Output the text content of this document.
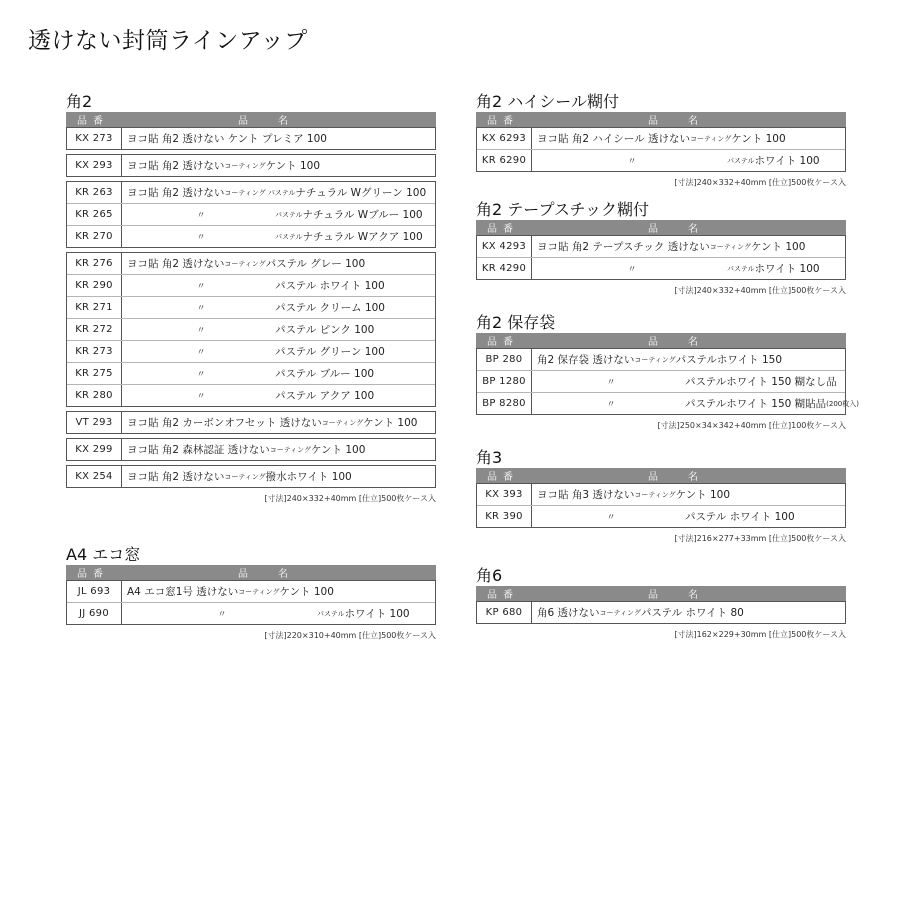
透けない封筒ラインアップ
角2
品番	品名
KX 273	ヨコ貼 角2 透けない ケント プレミア 100
KX 293	ヨコ貼 角2 透けない コーティング ケント 100
KR 263	ヨコ貼 角2 透けない コーティング パステル ナチュラル Wグリーン 100
KR 265	〃	パステル ナチュラル Wブルー 100
KR 270	〃	パステル ナチュラル Wアクア 100
KR 276	ヨコ貼 角2 透けない コーティング パステル グレー 100
KR 290	〃	パステル ホワイト 100
KR 271	〃	パステル クリーム 100
KR 272	〃	パステル ピンク 100
KR 273	〃	パステル グリーン 100
KR 275	〃	パステル ブルー 100
KR 280	〃	パステル アクア 100
VT 293	ヨコ貼 角2 カーボンオフセット 透けない コーティング ケント 100
KX 299	ヨコ貼 角2 森林認証 透けない コーティング ケント 100
KX 254	ヨコ貼 角2 透けない コーティング 撥水ホワイト 100
[寸法]240×332+40mm [仕立]500枚ケース入
A4 エコ窓
品番	品名
JL 693	A4 エコ窓1号 透けない コーティング ケント 100
JJ 690	〃	パステル ホワイト 100
[寸法]220×310+40mm [仕立]500枚ケース入
角2 ハイシール糊付
品番	品名
KX 6293	ヨコ貼 角2 ハイシール 透けない コーティング ケント 100
KR 6290	〃	パステル ホワイト 100
[寸法]240×332+40mm [仕立]500枚ケース入
角2 テープスチック糊付
品番	品名
KX 4293	ヨコ貼 角2 テープスチック 透けない コーティング ケント 100
KR 4290	〃	パステル ホワイト 100
[寸法]240×332+40mm [仕立]500枚ケース入
角2 保存袋
品番	品名
BP 280	角2 保存袋 透けない コーティング パステルホワイト 150
BP 1280	〃	パステルホワイト 150 糊なし品
BP 8280	〃	パステルホワイト 150 糊貼品 (200枚入)
[寸法]250×34×342+40mm [仕立]100枚ケース入
角3
品番	品名
KX 393	ヨコ貼 角3 透けない コーティング ケント 100
KR 390	〃	パステル ホワイト 100
[寸法]216×277+33mm [仕立]500枚ケース入
角6
品番	品名
KP 680	角6 透けない コーティング パステル ホワイト 80
[寸法]162×229+30mm [仕立]500枚ケース入
